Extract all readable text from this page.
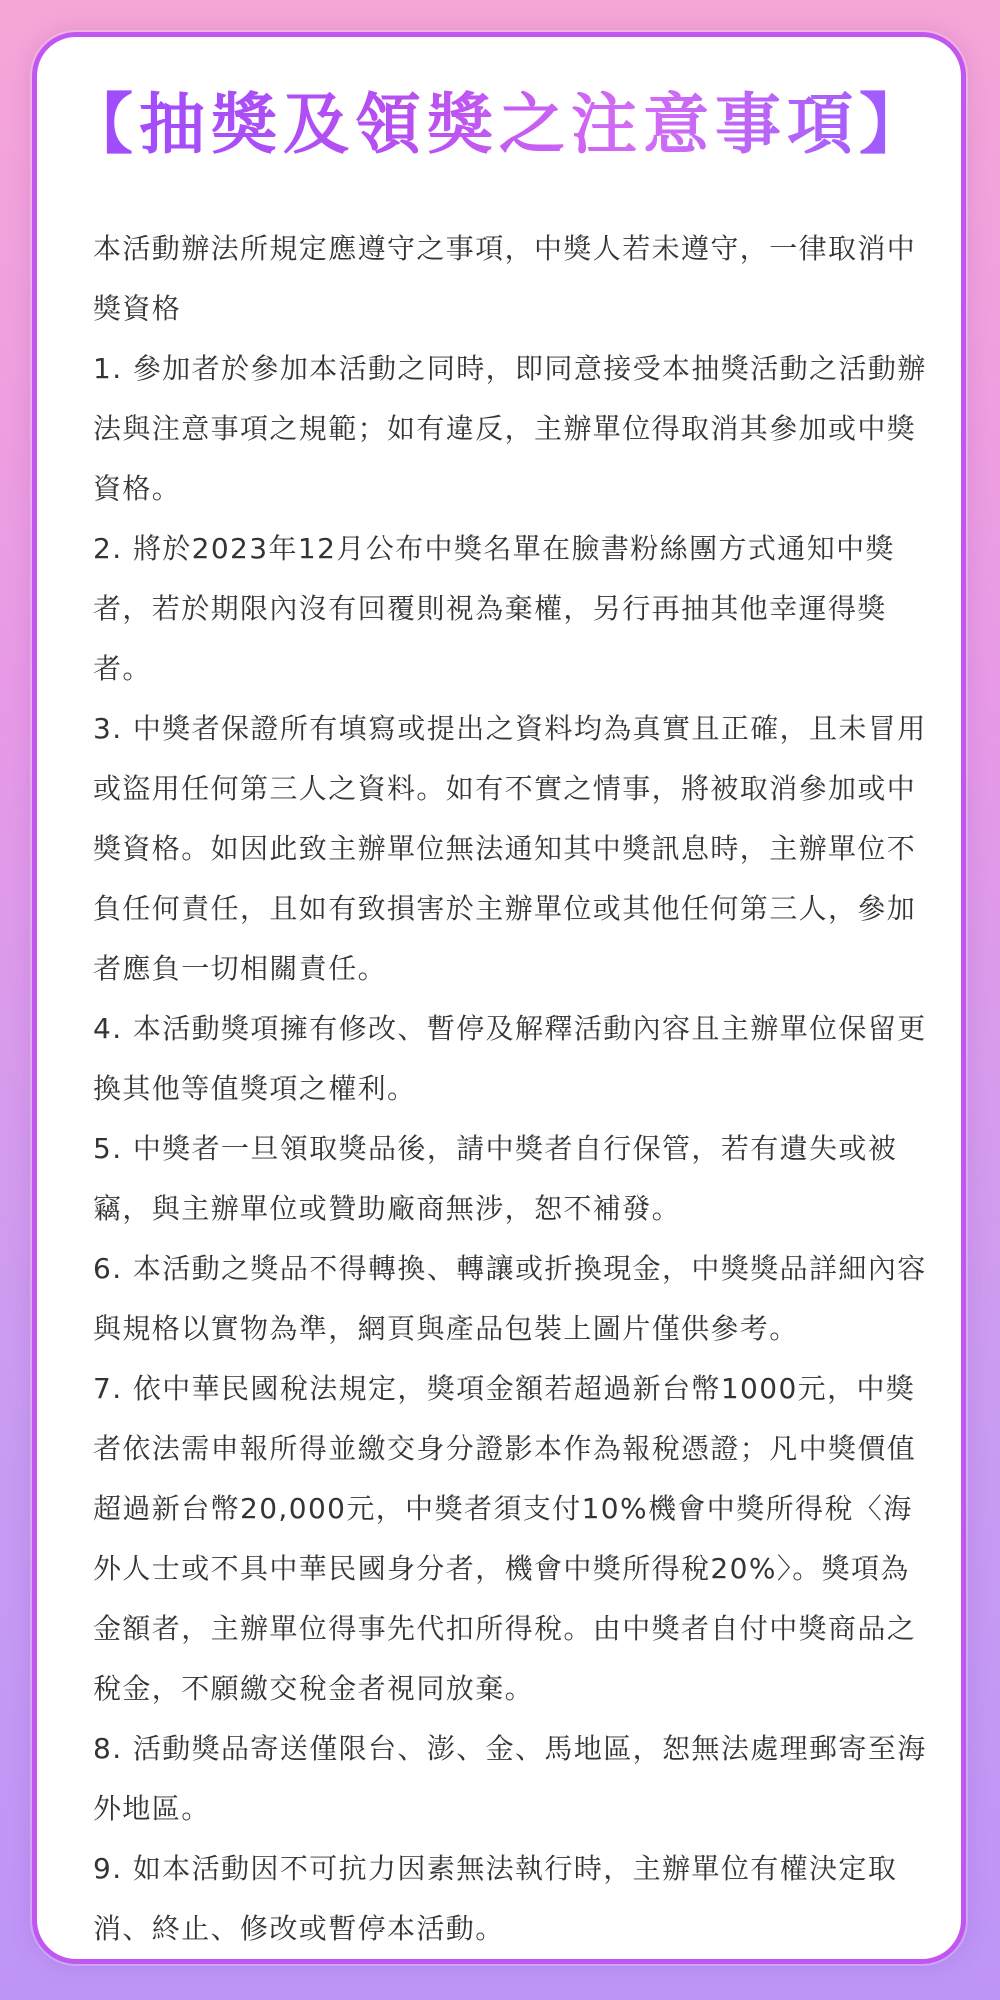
【抽獎及領獎之注意事項】

本活動辦法所規定應遵守之事項，中獎人若未遵守，一律取消中獎資格

1. 參加者於參加本活動之同時，即同意接受本抽獎活動之活動辦法與注意事項之規範；如有違反，主辦單位得取消其參加或中獎資格。

2. 將於2023年12月公布中獎名單在臉書粉絲團方式通知中獎者，若於期限內沒有回覆則視為棄權，另行再抽其他幸運得獎者。

3. 中獎者保證所有填寫或提出之資料均為真實且正確，且未冒用或盜用任何第三人之資料。如有不實之情事，將被取消參加或中獎資格。如因此致主辦單位無法通知其中獎訊息時，主辦單位不負任何責任，且如有致損害於主辦單位或其他任何第三人，參加者應負一切相關責任。

4. 本活動獎項擁有修改、暫停及解釋活動內容且主辦單位保留更換其他等值獎項之權利。

5. 中獎者一旦領取獎品後，請中獎者自行保管，若有遺失或被竊，與主辦單位或贊助廠商無涉，恕不補發。

6. 本活動之獎品不得轉換、轉讓或折換現金，中獎獎品詳細內容與規格以實物為準，網頁與產品包裝上圖片僅供參考。

7. 依中華民國稅法規定，獎項金額若超過新台幣1000元，中獎者依法需申報所得並繳交身分證影本作為報稅憑證；凡中獎價值超過新台幣20,000元，中獎者須支付10%機會中獎所得稅〈海外人士或不具中華民國身分者，機會中獎所得稅20%〉。獎項為金額者，主辦單位得事先代扣所得稅。由中獎者自付中獎商品之稅金，不願繳交稅金者視同放棄。

8. 活動獎品寄送僅限台、澎、金、馬地區，恕無法處理郵寄至海外地區。

9. 如本活動因不可抗力因素無法執行時，主辦單位有權決定取消、終止、修改或暫停本活動。
